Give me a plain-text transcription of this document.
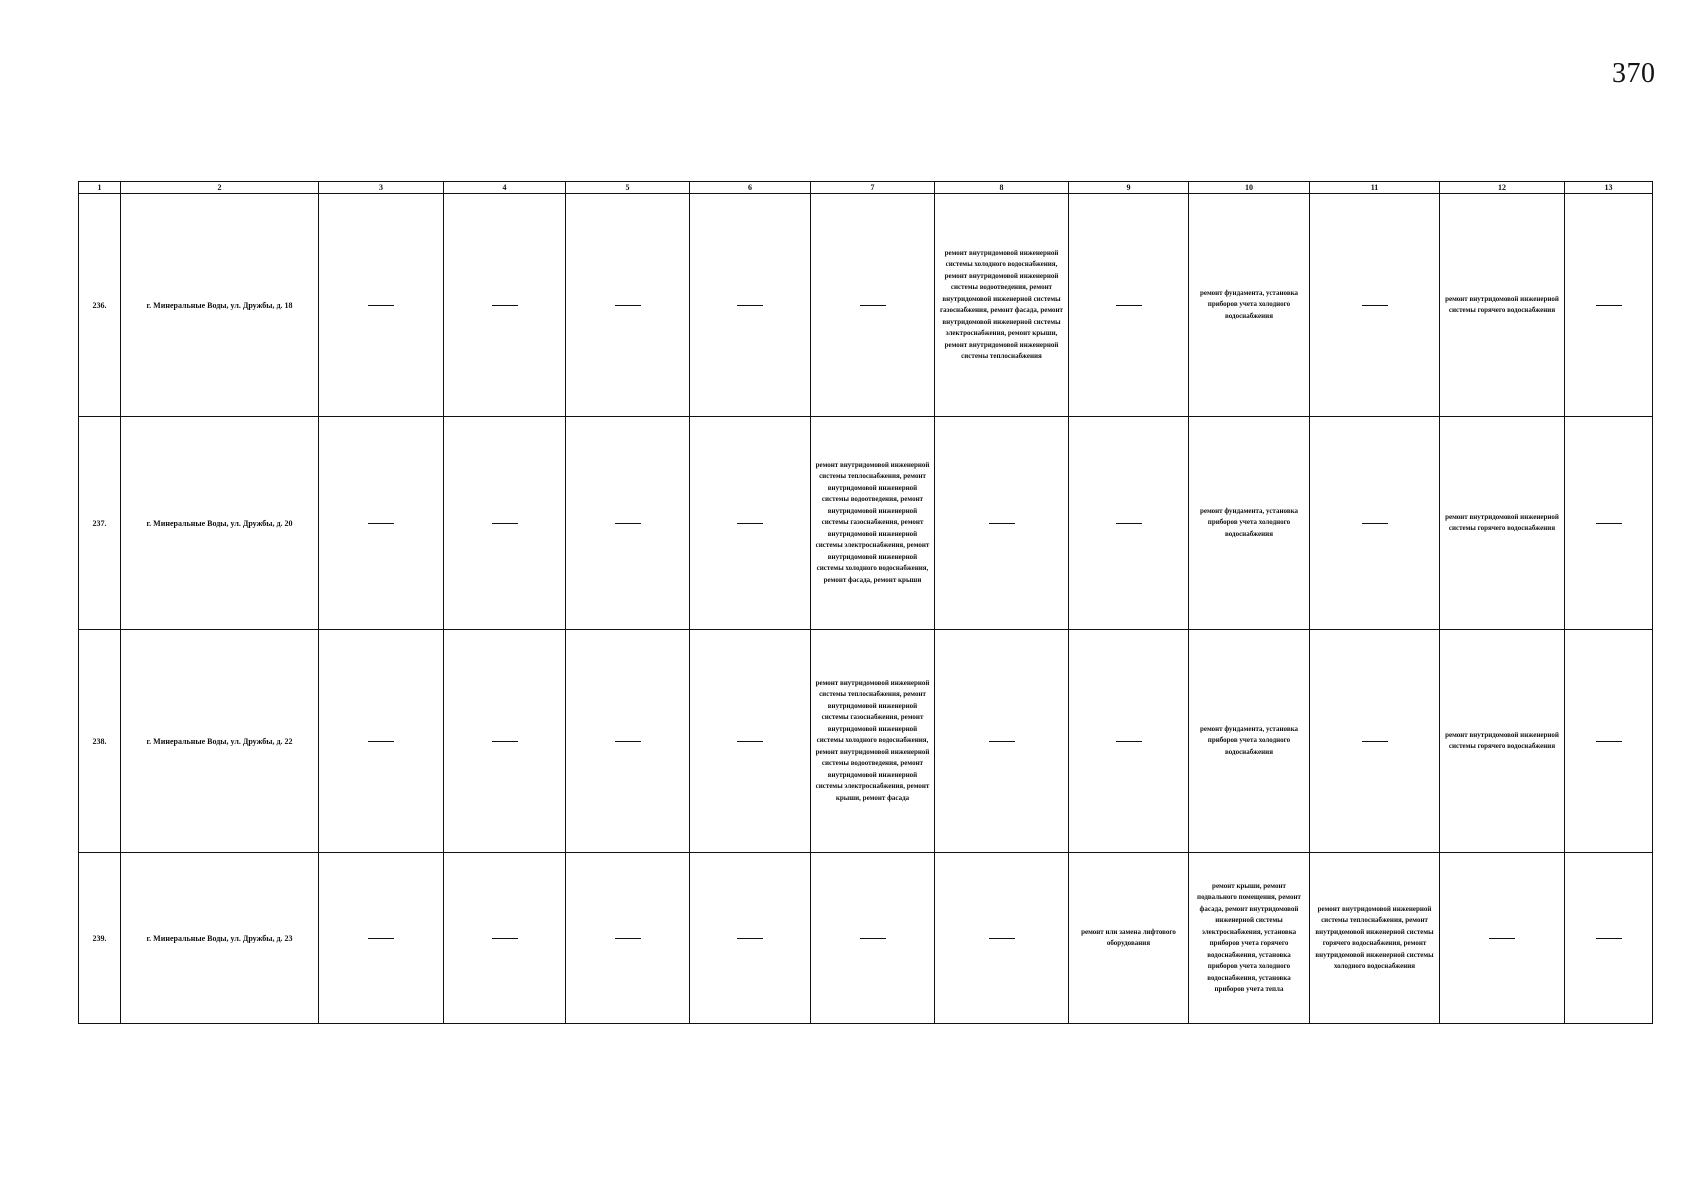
370
1	2	3	4	5	6	7	8	9	10	11	12	13
236.	г. Минеральные Воды, ул. Дружбы, д. 18						ремонт внутридомовой инженерной системы холодного водоснабжения, ремонт внутридомовой инженерной системы водоотведения, ремонт внутридомовой инженерной системы газоснабжения, ремонт фасада, ремонт внутридомовой инженерной системы электроснабжения, ремонт крыши, ремонт внутридомовой инженерной системы теплоснабжения		ремонт фундамента, установка приборов учета холодного водоснабжения		ремонт внутридомовой инженерной системы горячего водоснабжения	
237.	г. Минеральные Воды, ул. Дружбы, д. 20					ремонт внутридомовой инженерной системы теплоснабжения, ремонт внутридомовой инженерной системы водоотведения, ремонт внутридомовой инженерной системы газоснабжения, ремонт внутридомовой инженерной системы электроснабжения, ремонт внутридомовой инженерной системы холодного водоснабжения, ремонт фасада, ремонт крыши			ремонт фундамента, установка приборов учета холодного водоснабжения		ремонт внутридомовой инженерной системы горячего водоснабжения	
238.	г. Минеральные Воды, ул. Дружбы, д. 22					ремонт внутридомовой инженерной системы теплоснабжения, ремонт внутридомовой инженерной системы газоснабжения, ремонт внутридомовой инженерной системы холодного водоснабжения, ремонт внутридомовой инженерной системы водоотведения, ремонт внутридомовой инженерной системы электроснабжения, ремонт крыши, ремонт фасада			ремонт фундамента, установка приборов учета холодного водоснабжения		ремонт внутридомовой инженерной системы горячего водоснабжения	
239.	г. Минеральные Воды, ул. Дружбы, д. 23							ремонт или замена лифтового оборудования	ремонт крыши, ремонт подвального помещения, ремонт фасада, ремонт внутридомовой инженерной системы электроснабжения, установка приборов учета горячего водоснабжения, установка приборов учета холодного водоснабжения, установка приборов учета тепла	ремонт внутридомовой инженерной системы теплоснабжения, ремонт внутридомовой инженерной системы горячего водоснабжения, ремонт внутридомовой инженерной системы холодного водоснабжения		
